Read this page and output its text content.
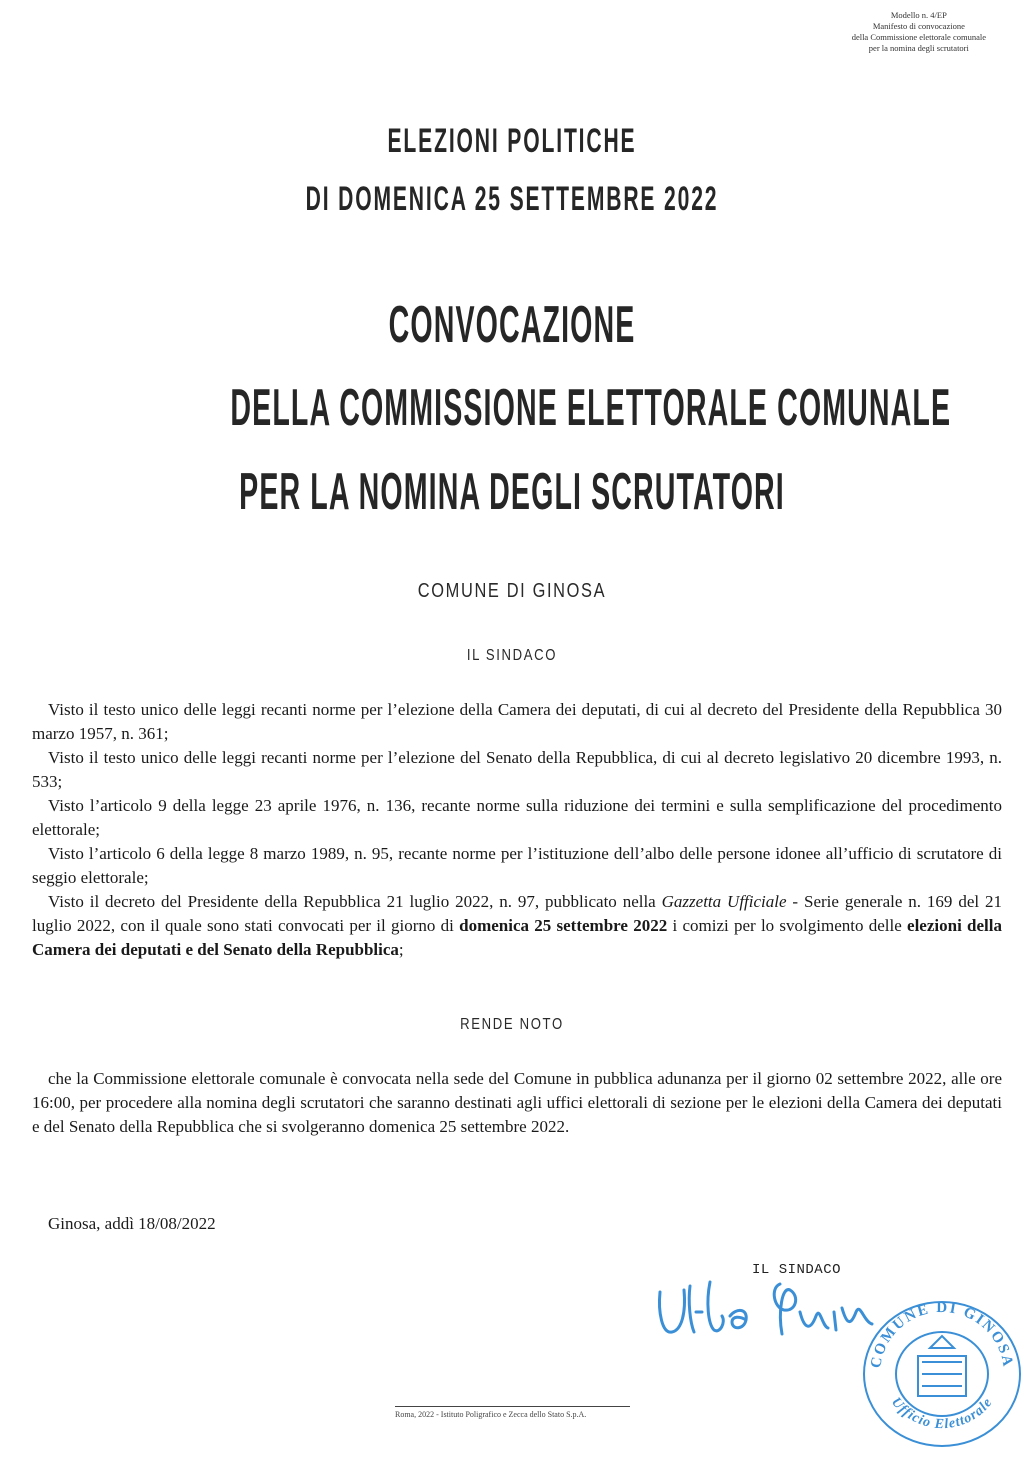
Modello n. 4/EP
Manifesto di convocazione
della Commissione elettorale comunale
per la nomina degli scrutatori
ELEZIONI POLITICHE
DI DOMENICA 25 SETTEMBRE 2022
CONVOCAZIONE
DELLA COMMISSIONE ELETTORALE COMUNALE
PER LA NOMINA DEGLI SCRUTATORI
COMUNE DI GINOSA
IL SINDACO

Visto il testo unico delle leggi recanti norme per l’elezione della Camera dei deputati, di cui al decreto del Presidente della Repubblica 30 marzo 1957, n. 361;

Visto il testo unico delle leggi recanti norme per l’elezione del Senato della Repubblica, di cui al decreto legislativo 20 dicembre 1993, n. 533;

Visto l’articolo 9 della legge 23 aprile 1976, n. 136, recante norme sulla riduzione dei termini e sulla semplificazione del procedimento elettorale;

Visto l’articolo 6 della legge 8 marzo 1989, n. 95, recante norme per l’istituzione dell’albo delle persone idonee all’ufficio di scrutatore di seggio elettorale;

Visto il decreto del Presidente della Repubblica 21 luglio 2022, n. 97, pubblicato nella Gazzetta Ufficiale - Serie generale n. 169 del 21 luglio 2022, con il quale sono stati convocati per il giorno di domenica 25 settembre 2022 i comizi per lo svolgimento delle elezioni della Camera dei deputati e del Senato della Repubblica;

RENDE NOTO

che la Commissione elettorale comunale è convocata nella sede del Comune in pubblica adunanza per il giorno 02 settembre 2022, alle ore 16:00, per procedere alla nomina degli scrutatori che saranno destinati agli uffici elettorali di sezione per le elezioni della Camera dei deputati e del Senato della Repubblica che si svolgeranno domenica 25 settembre 2022.

Ginosa, addì 18/08/2022
IL SINDACO
COMUNE DI GINOSA
Ufficio Elettorale
Roma, 2022 - Istituto Poligrafico e Zecca dello Stato S.p.A.
